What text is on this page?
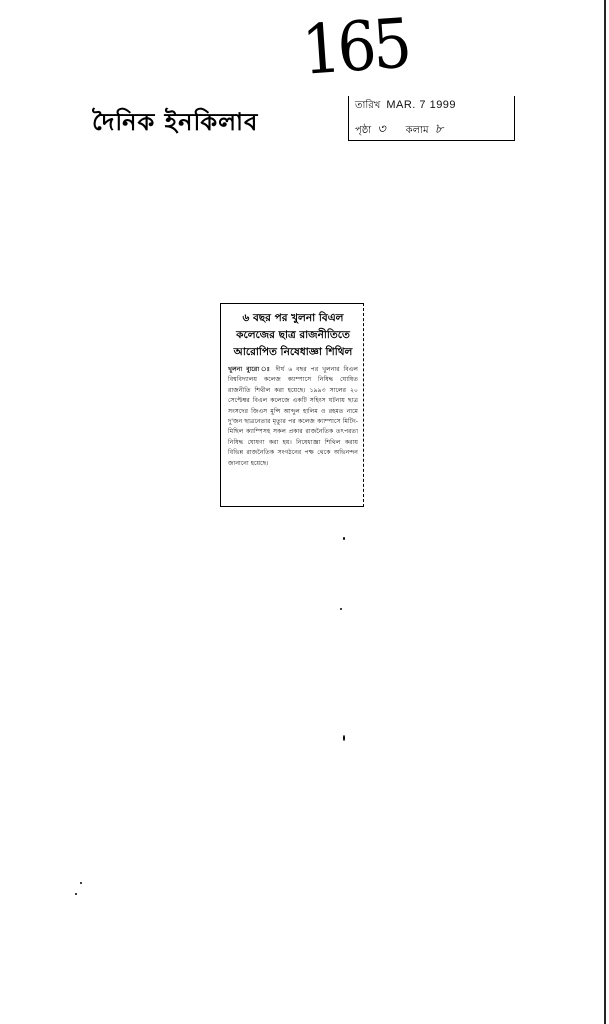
165
দৈনিক ইনকিলাব
তারিখ MAR. 7 1999
পৃষ্ঠা ৩ কলাম ৮
৬ বছর পর খুলনা বিএল
কলেজের ছাত্র রাজনীতিতে
আরোপিত নিষেধাজ্ঞা শিথিল
খুলনা ব্যুরো ঃ দীর্ঘ ৬ বছর পর খুলনার বিএল বিশ্ববিদ্যালয় কলেজ ক্যাম্পাসে নিষিদ্ধ ঘোষিত রাজনীতি শিথীল করা হয়েছে। ১৯৯৩ সালের ২০ সেপ্টেম্বর বিএল কলেজে একটি সহিংস ঘটনায় ছাত্র সংসদের জিএস মুন্সি আব্দুল হালিম ও রহমত নামে দু'জন ছাত্রনেতার মৃত্যুর পর কলেজ ক্যাম্পাসে মিটিং-মিছিল ক্যাম্পিসহ সকল প্রকার রাজনৈতিক তৎপরতা নিষিদ্ধ ঘোষণা করা হয়। নিষেধাজ্ঞা শিথিল করায় বিভিন্ন রাজনৈতিক সংগঠনের পক্ষ থেকে অভিনন্দন জানানো হয়েছে।
